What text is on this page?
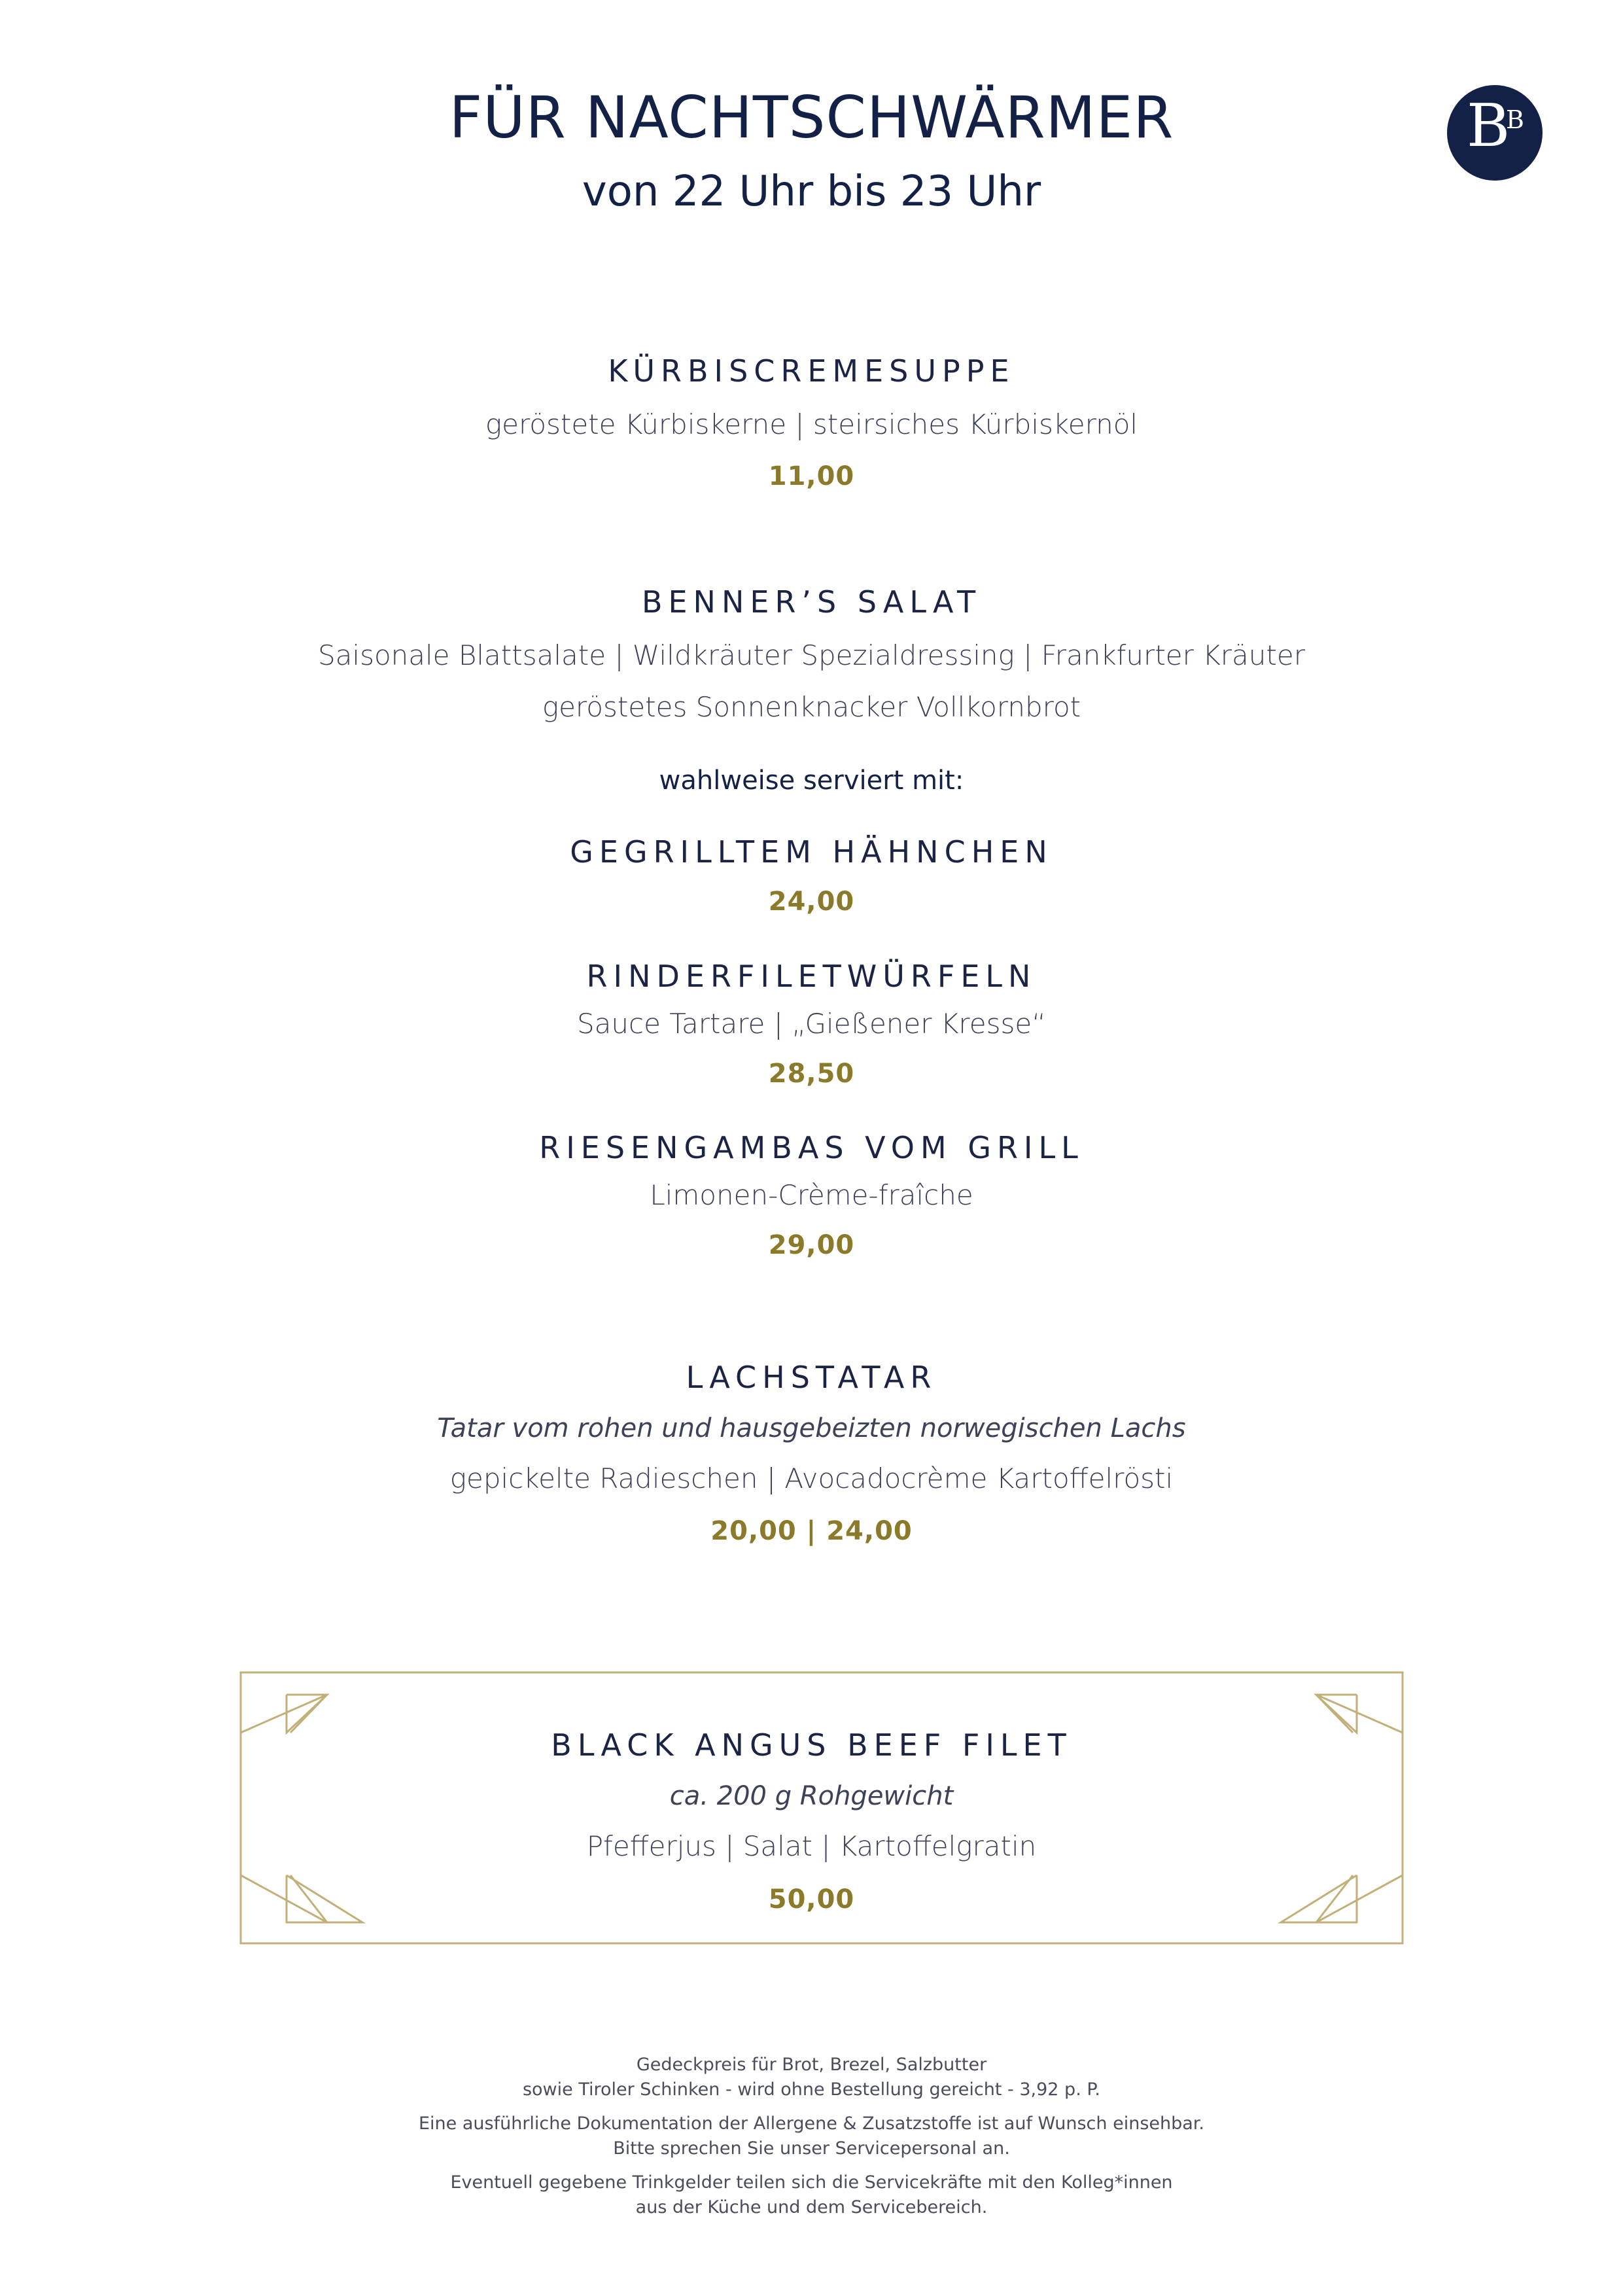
FÜR NACHTSCHWÄRMER
von 22 Uhr bis 23 Uhr
B
B
KÜRBISCREMESUPPE
geröstete Kürbiskerne | steirsiches Kürbiskernöl
11,00
BENNER’S SALAT
Saisonale Blattsalate | Wildkräuter Spezialdressing | Frankfurter Kräuter
geröstetes Sonnenknacker Vollkornbrot
wahlweise serviert mit:
GEGRILLTEM HÄHNCHEN
24,00
RINDERFILETWÜRFELN
Sauce Tartare | „Gießener Kresse“
28,50
RIESENGAMBAS VOM GRILL
Limonen-Crème-fraîche
29,00
LACHSTATAR
Tatar vom rohen und hausgebeizten norwegischen Lachs
gepickelte Radieschen | Avocadocrème Kartoffelrösti
20,00 | 24,00
BLACK ANGUS BEEF FILET
ca. 200 g Rohgewicht
Pfefferjus | Salat | Kartoffelgratin
50,00
Gedeckpreis für Brot, Brezel, Salzbutter
sowie Tiroler Schinken - wird ohne Bestellung gereicht - 3,92 p. P.
Eine ausführliche Dokumentation der Allergene & Zusatzstoffe ist auf Wunsch einsehbar.
Bitte sprechen Sie unser Servicepersonal an.
Eventuell gegebene Trinkgelder teilen sich die Servicekräfte mit den Kolleg*innen
aus der Küche und dem Servicebereich.
